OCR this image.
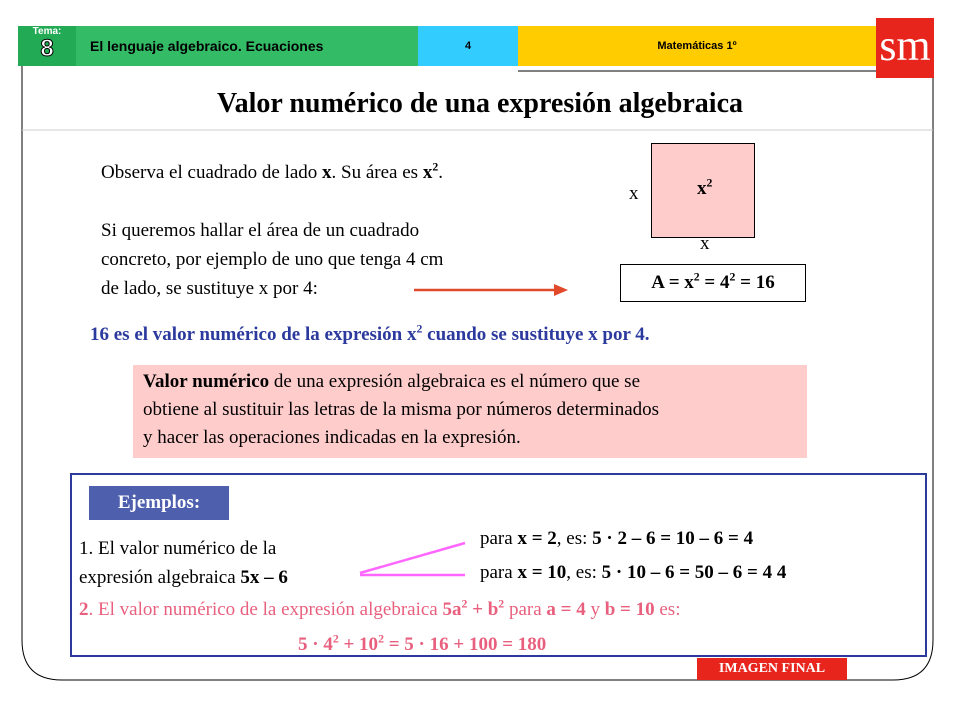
Tema:
8	El lenguaje algebraico. Ecuaciones	4	Matemáticas 1º	sm
Valor numérico de una expresión algebraica
Observa el cuadrado de lado x. Su área es $x^2$.
Si queremos hallar el área de un cuadrado
concreto, por ejemplo de uno que tenga 4 cm
de lado, se sustituye x por 4:
$x^2$
x
x
$A = x^2 = 4^2 = 16$
16 es el valor numérico de la expresión $x^2$ cuando se sustituye x por 4.
Valor numérico de una expresión algebraica es el número que se
obtiene al sustituir las letras de la misma por números determinados
y hacer las operaciones indicadas en la expresión.
Ejemplos:
1. El valor numérico de la
expresión algebraica 5x – 6
para x = 2, es: 5 · 2 – 6 = 10 – 6 = 4
para x = 10, es: 5 · 10 – 6 = 50 – 6 = 4 4
2. El valor numérico de la expresión algebraica $5a^2 + b^2$ para a = 4 y b = 10 es:
$5 \cdot 4^2 + 10^2 = 5 \cdot 16 + 100 = 180$
IMAGEN FINAL
